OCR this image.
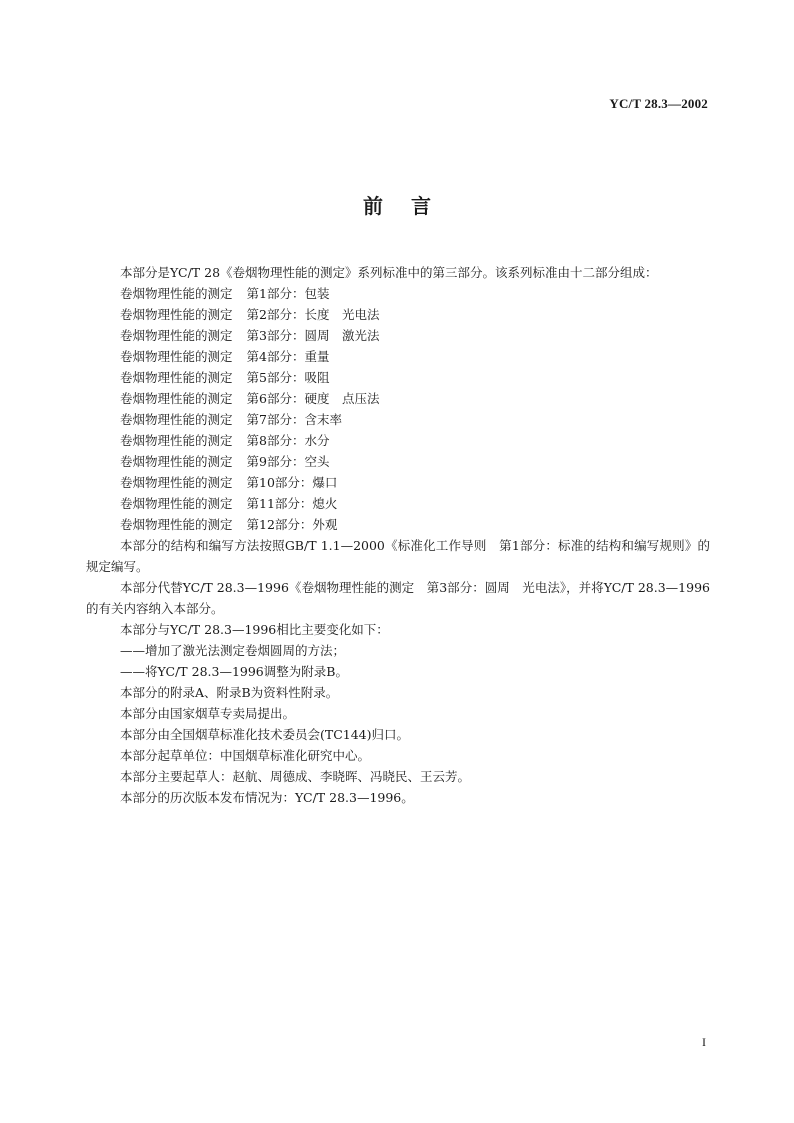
YC/T 28.3—2002
前言

本部分是YC/T 28《卷烟物理性能的测定》系列标准中的第三部分。该系列标准由十二部分组成：

卷烟物理性能的测定 第1部分：包装
卷烟物理性能的测定 第2部分：长度　光电法
卷烟物理性能的测定 第3部分：圆周　激光法
卷烟物理性能的测定 第4部分：重量
卷烟物理性能的测定 第5部分：吸阻
卷烟物理性能的测定 第6部分：硬度　点压法
卷烟物理性能的测定 第7部分：含末率
卷烟物理性能的测定 第8部分：水分
卷烟物理性能的测定 第9部分：空头
卷烟物理性能的测定 第10部分：爆口
卷烟物理性能的测定 第11部分：熄火
卷烟物理性能的测定 第12部分：外观

本部分的结构和编写方法按照GB/T 1.1—2000《标准化工作导则　第1部分：标准的结构和编写规则》的规定编写。

本部分代替YC/T 28.3—1996《卷烟物理性能的测定　第3部分：圆周　光电法》，并将YC/T 28.3—1996的有关内容纳入本部分。

本部分与YC/T 28.3—1996相比主要变化如下：

——增加了激光法测定卷烟圆周的方法；

——将YC/T 28.3—1996调整为附录B。

本部分的附录A、附录B为资料性附录。

本部分由国家烟草专卖局提出。

本部分由全国烟草标准化技术委员会(TC144)归口。

本部分起草单位：中国烟草标准化研究中心。

本部分主要起草人：赵航、周德成、李晓晖、冯晓民、王云芳。

本部分的历次版本发布情况为：YC/T 28.3—1996。

I
